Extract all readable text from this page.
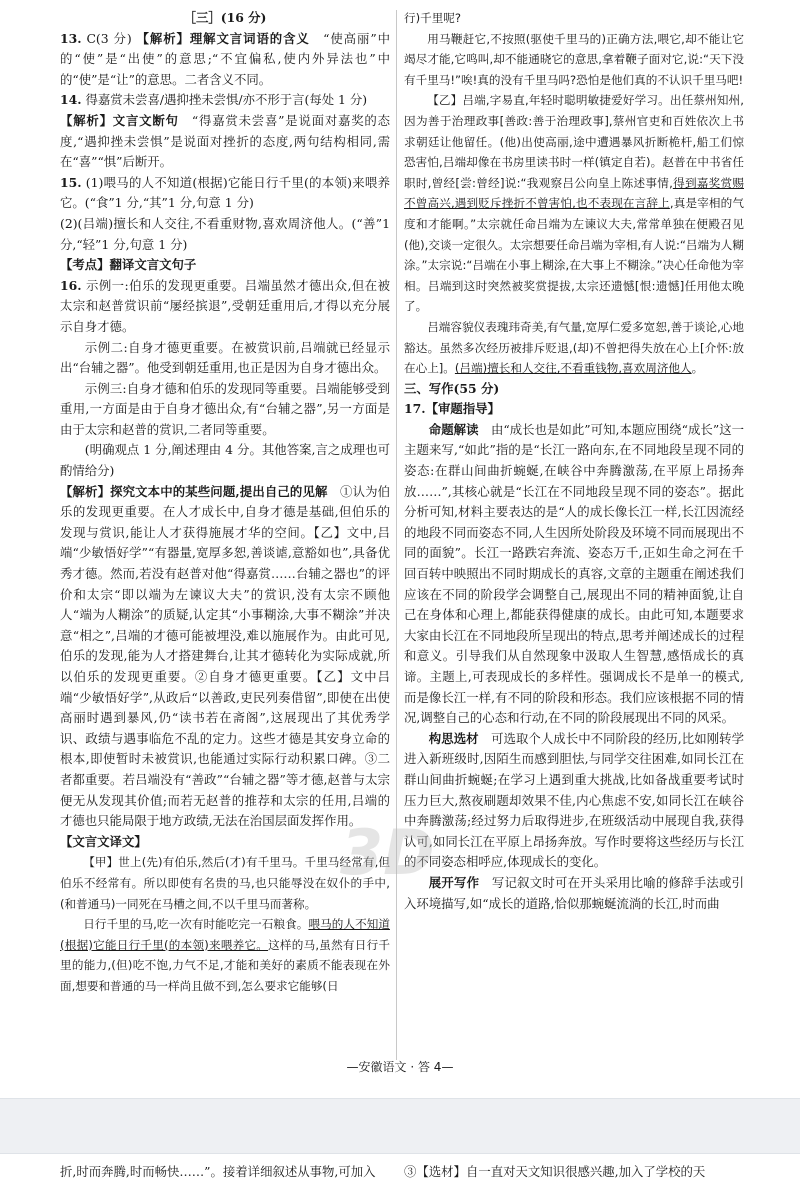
［三］(16 分)

13. C(3 分) 【解析】理解文言词语的含义　 “使高丽”中的“使”是“出使”的意思;“不宜偏私,使内外异法也”中的“使”是“让”的意思。二者含义不同。

14. 得嘉赏未尝喜/遇抑挫未尝惧/亦不形于言(每处 1 分)

【解析】文言文断句　 “得嘉赏未尝喜”是说面对嘉奖的态度,“遇抑挫未尝惧”是说面对挫折的态度,两句结构相同,需在“喜”“惧”后断开。

15. (1)喂马的人不知道(根据)它能日行千里(的本领)来喂养它。(“食”1 分,“其”1 分,句意 1 分)

(2)(吕端)擅长和人交往,不看重财物,喜欢周济他人。(“善”1 分,“轻”1 分,句意 1 分)

【考点】翻译文言文句子

16. 示例一:伯乐的发现更重要。吕端虽然才德出众,但在被太宗和赵普赏识前“屡经摈退”,受朝廷重用后,才得以充分展示自身才德。

示例二:自身才德更重要。在被赏识前,吕端就已经显示出“台辅之器”。他受到朝廷重用,也正是因为自身才德出众。

示例三:自身才德和伯乐的发现同等重要。吕端能够受到重用,一方面是由于自身才德出众,有“台辅之器”,另一方面是由于太宗和赵普的赏识,二者同等重要。

(明确观点 1 分,阐述理由 4 分。其他答案,言之成理也可酌情给分)

【解析】探究文本中的某些问题,提出自己的见解　 ①认为伯乐的发现更重要。在人才成长中,自身才德是基础,但伯乐的发现与赏识,能让人才获得施展才华的空间。【乙】文中,吕端“少敏悟好学”“有器量,宽厚多恕,善谈谑,意豁如也”,具备优秀才德。然而,若没有赵普对他“得嘉赏……台辅之器也”的评价和太宗“即以端为左谏议大夫”的赏识,没有太宗不顾他人“端为人糊涂”的质疑,认定其“小事糊涂,大事不糊涂”并决意“相之”,吕端的才德可能被埋没,难以施展作为。由此可见,伯乐的发现,能为人才搭建舞台,让其才德转化为实际成就,所以伯乐的发现更重要。②自身才德更重要。【乙】文中吕端“少敏悟好学”,从政后“以善政,吏民列奏借留”,即使在出使高丽时遇到暴风,仍“读书若在斋阁”,这展现出了其优秀学识、政绩与遇事临危不乱的定力。这些才德是其安身立命的根本,即使暂时未被赏识,也能通过实际行动积累口碑。③二者都重要。若吕端没有“善政”“台辅之器”等才德,赵普与太宗便无从发现其价值;而若无赵普的推荐和太宗的任用,吕端的才德也只能局限于地方政绩,无法在治国层面发挥作用。

【文言文译文】

【甲】世上(先)有伯乐,然后(才)有千里马。千里马经常有,但伯乐不经常有。所以即使有名贵的马,也只能辱没在奴仆的手中,(和普通马)一同死在马槽之间,不以千里马而著称。

日行千里的马,吃一次有时能吃完一石粮食。喂马的人不知道(根据)它能日行千里(的本领)来喂养它。这样的马,虽然有日行千里的能力,(但)吃不饱,力气不足,才能和美好的素质不能表现在外面,想要和普通的马一样尚且做不到,怎么要求它能够(日

行)千里呢?

用马鞭赶它,不按照(驱使千里马的)正确方法,喂它,却不能让它竭尽才能,它鸣叫,却不能通晓它的意思,拿着鞭子面对它,说:“天下没有千里马!”唉!真的没有千里马吗?恐怕是他们真的不认识千里马吧!

【乙】吕端,字易直,年轻时聪明敏捷爱好学习。出任蔡州知州,因为善于治理政事[善政:善于治理政事],蔡州官吏和百姓依次上书求朝廷让他留任。(他)出使高丽,途中遭遇暴风折断桅杆,船工们惊恐害怕,吕端却像在书房里读书时一样(镇定自若)。赵普在中书省任职时,曾经[尝:曾经]说:“我观察吕公向皇上陈述事情,得到嘉奖赏赐不曾高兴,遇到贬斥挫折不曾害怕,也不表现在言辞上,真是宰相的气度和才能啊。”太宗就任命吕端为左谏议大夫,常常单独在便殿召见(他),交谈一定很久。太宗想要任命吕端为宰相,有人说:“吕端为人糊涂。”太宗说:“吕端在小事上糊涂,在大事上不糊涂。”决心任命他为宰相。吕端到这时突然被奖赏提拔,太宗还遗憾[恨:遗憾]任用他太晚了。

吕端容貌仪表瑰玮奇美,有气量,宽厚仁爱多宽恕,善于谈论,心地豁达。虽然多次经历被排斥贬退,(却)不曾把得失放在心上[介怀:放在心上]。(吕端)擅长和人交往,不看重钱物,喜欢周济他人。

三、写作(55 分)

17.【审题指导】

命题解读　 由“成长也是如此”可知,本题应围绕“成长”这一主题来写,“如此”指的是“长江一路向东,在不同地段呈现不同的姿态:在群山间曲折蜿蜒,在峡谷中奔腾激荡,在平原上昂扬奔放……”,其核心就是“长江在不同地段呈现不同的姿态”。据此分析可知,材料主要表达的是“人的成长像长江一样,长江因流经的地段不同而姿态不同,人生因所处阶段及环境不同而展现出不同的面貌”。长江一路跌宕奔流、姿态万千,正如生命之河在千回百转中映照出不同时期成长的真容,文章的主题重在阐述我们应该在不同的阶段学会调整自己,展现出不同的精神面貌,让自己在身体和心理上,都能获得健康的成长。由此可知,本题要求大家由长江在不同地段所呈现出的特点,思考并阐述成长的过程和意义。引导我们从自然现象中汲取人生智慧,感悟成长的真谛。主题上,可表现成长的多样性。强调成长不是单一的模式,而是像长江一样,有不同的阶段和形态。我们应该根据不同的情况,调整自己的心态和行动,在不同的阶段展现出不同的风采。

构思选材　 可选取个人成长中不同阶段的经历,比如刚转学进入新班级时,因陌生而感到胆怯,与同学交往困难,如同长江在群山间曲折蜿蜒;在学习上遇到重大挑战,比如备战重要考试时压力巨大,熬夜刷题却效果不佳,内心焦虑不安,如同长江在峡谷中奔腾激荡;经过努力后取得进步,在班级活动中展现自我,获得认可,如同长江在平原上昂扬奔放。写作时要将这些经历与长江的不同姿态相呼应,体现成长的变化。

展开写作　 写记叙文时可在开头采用比喻的修辞手法或引入环境描写,如“成长的道路,恰似那蜿蜒流淌的长江,时而曲

3D
—安徽语文 · 答 4—
折,时而奔腾,时而畅快……”。接着详细叙述从事物,可加入	③【选材】自一直对天文知识很感兴趣,加入了学校的天
